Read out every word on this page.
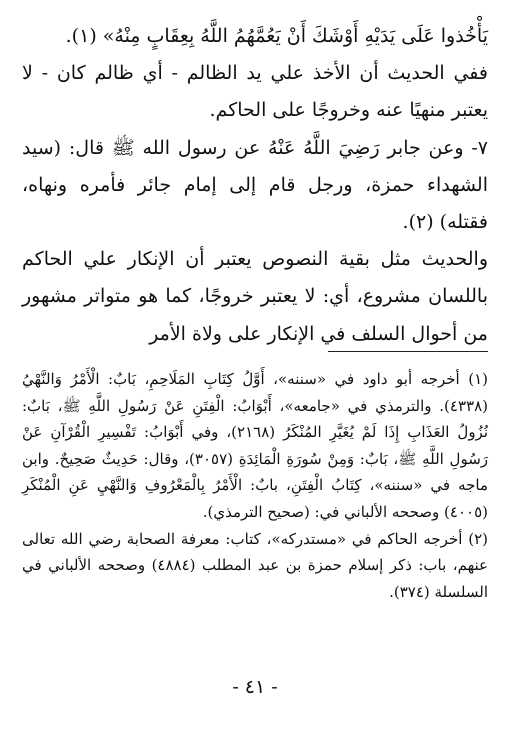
يَأْخُذوا عَلَى يَدَيْهِ أَوْشَكَ أَنْ يَعُمَّهُمُ اللَّهُ بِعِقَابٍ مِنْهُ» (١).

ففي الحديث أن الأخذ علي يد الظالم - أي ظالم كان - لا يعتبر منهيًا عنه وخروجًا على الحاكم.

٧- وعن جابر رَضِيَ اللَّهُ عَنْهُ عن رسول الله ﷺ قال: (سيد الشهداء حمزة، ورجل قام إلى إمام جائر فأمره ونهاه، فقتله) (٢).

والحديث مثل بقية النصوص يعتبر أن الإنكار علي الحاكم باللسان مشروع، أي: لا يعتبر خروجًا، كما هو متواتر مشهور من أحوال السلف في الإنكار على ولاة الأمر

(١) أخرجه أبو داود في «سننه»، أَوَّلُ كِتَابِ المَلَاحِمِ، بَابٌ: الْأَمْرُ وَالنَّهْيُ (٤٣٣٨). والترمذي في «جامعه»، أَبْوَابُ: الْفِتَنِ عَنْ رَسُولِ اللَّهِ ﷺ، بَابٌ: نُزُولُ العَذَابِ إِذَا لَمْ يُغَيَّرِ المُنْكَرُ (٢١٦٨)، وفي أَبْوَابُ: تَفْسِيرِ الْقُرْآنِ عَنْ رَسُولِ اللَّهِ ﷺ، بَابٌ: وَمِنْ سُورَةِ الْمَائِدَةِ (٣٠٥٧)، وقال: حَدِيثٌ صَحِيحٌ. وابن ماجه في «سننه»، كِتَابُ الْفِتَنِ، بابٌ: الْأَمْرُ بِالْمَعْرُوفِ وَالنَّهْيِ عَنِ الْمُنْكَرِ (٤٠٠٥) وصححه الألباني في: (صحيح الترمذي).

(٢) أخرجه الحاكم في «مستدركه»، كتاب: معرفة الصحابة رضي الله تعالى عنهم، باب: ذكر إسلام حمزة بن عبد المطلب (٤٨٨٤) وصححه الألباني في السلسلة (٣٧٤).

- ٤١ -
